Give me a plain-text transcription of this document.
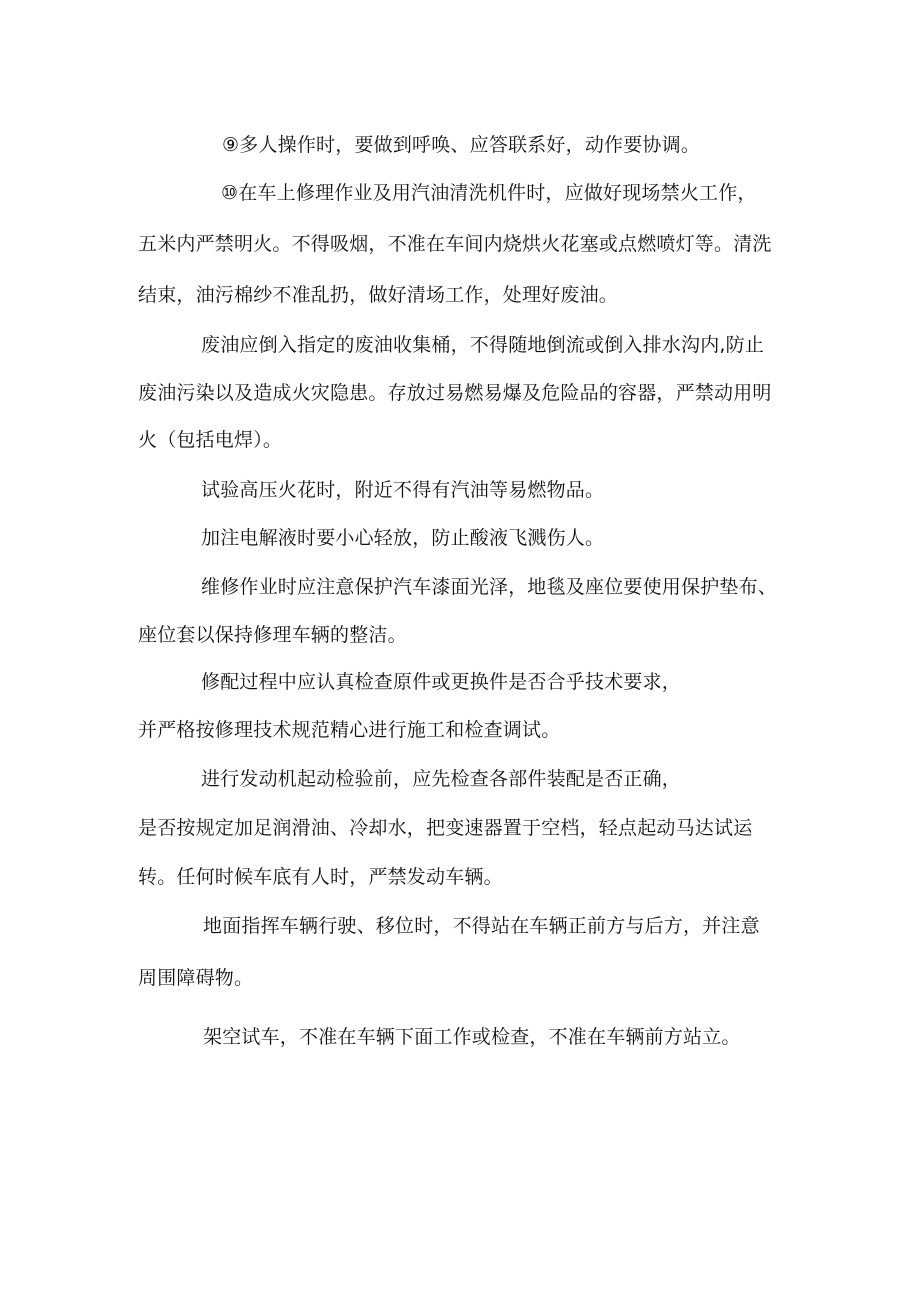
⑨多人操作时，要做到呼唤、应答联系好，动作要协调。
⑩在车上修理作业及用汽油清洗机件时，应做好现场禁火工作，
五米内严禁明火。不得吸烟，不准在车间内烧烘火花塞或点燃喷灯等。清洗
结束，油污棉纱不准乱扔，做好清场工作，处理好废油。
废油应倒入指定的废油收集桶，不得随地倒流或倒入排水沟内,防止
废油污染以及造成火灾隐患。存放过易燃易爆及危险品的容器，严禁动用明
火（包括电焊）。
试验高压火花时，附近不得有汽油等易燃物品。
加注电解液时要小心轻放，防止酸液飞溅伤人。
维修作业时应注意保护汽车漆面光泽，地毯及座位要使用保护垫布、
座位套以保持修理车辆的整洁。
修配过程中应认真检查原件或更换件是否合乎技术要求，
并严格按修理技术规范精心进行施工和检查调试。
进行发动机起动检验前，应先检查各部件装配是否正确，
是否按规定加足润滑油、冷却水，把变速器置于空档，轻点起动马达试运
转。任何时候车底有人时，严禁发动车辆。
地面指挥车辆行驶、移位时，不得站在车辆正前方与后方，并注意
周围障碍物。
架空试车，不准在车辆下面工作或检查，不准在车辆前方站立。
